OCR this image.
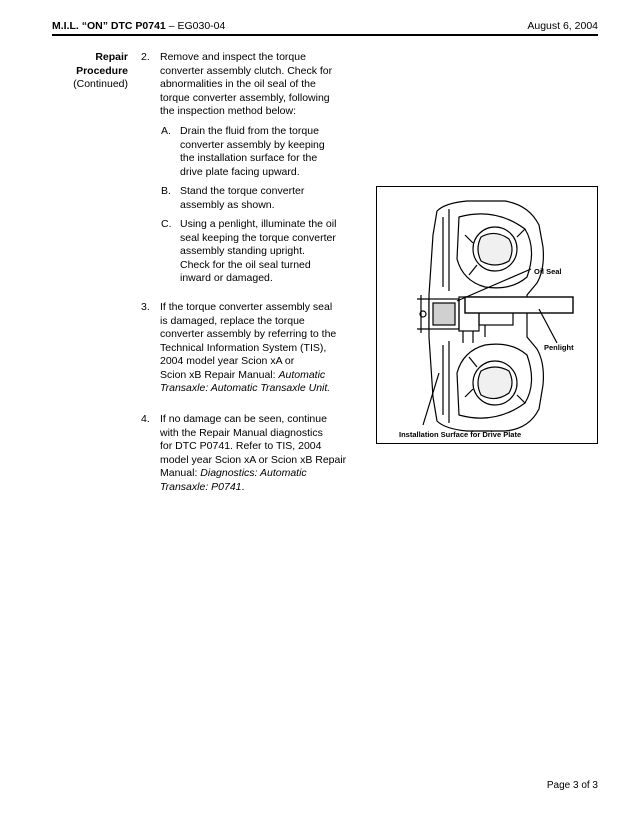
M.I.L. “ON” DTC P0741 – EG030-04	August 6, 2004
Repair
Procedure
(Continued)
2. Remove and inspect the torque
converter assembly clutch. Check for
abnormalities in the oil seal of the
torque converter assembly, following
the inspection method below:
A. Drain the fluid from the torque
converter assembly by keeping
the installation surface for the
drive plate facing upward.
B. Stand the torque converter
assembly as shown.
C. Using a penlight, illuminate the oil
seal keeping the torque converter
assembly standing upright.
Check for the oil seal turned
inward or damaged.
3. If the torque converter assembly seal
is damaged, replace the torque
converter assembly by referring to the
Technical Information System (TIS),
2004 model year Scion xA or
Scion xB Repair Manual: Automatic
Transaxle: Automatic Transaxle Unit.
4. If no damage can be seen, continue
with the Repair Manual diagnostics
for DTC P0741. Refer to TIS, 2004
model year Scion xA or Scion xB Repair
Manual: Diagnostics: Automatic
Transaxle: P0741.
Oil Seal
Penlight
Installation Surface for Drive Plate
Page 3 of 3
